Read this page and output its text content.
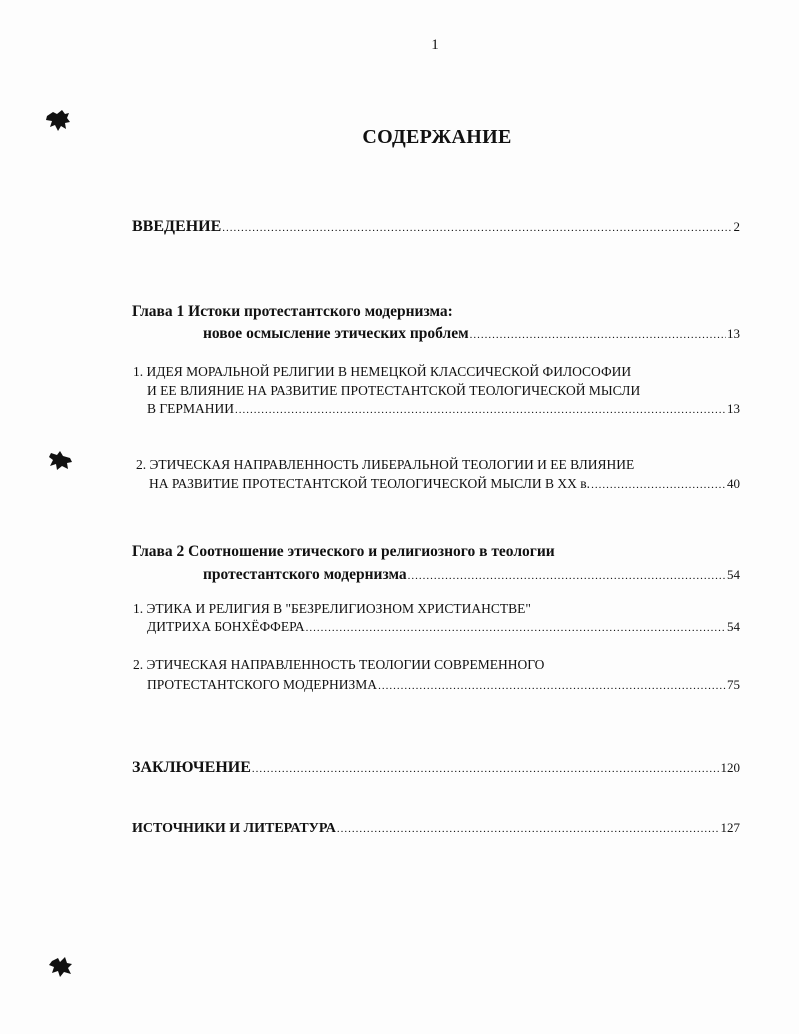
1
СОДЕРЖАНИЕ
ВВЕДЕНИЕ .....	2
Глава 1 Истоки протестантского модернизма:
новое осмысление этических проблем .....	13
1. ИДЕЯ МОРАЛЬНОЙ РЕЛИГИИ В НЕМЕЦКОЙ КЛАССИЧЕСКОЙ ФИЛОСОФИИ
И ЕЕ ВЛИЯНИЕ НА РАЗВИТИЕ ПРОТЕСТАНТСКОЙ ТЕОЛОГИЧЕСКОЙ МЫСЛИ
В ГЕРМАНИИ .....	13
2. ЭТИЧЕСКАЯ НАПРАВЛЕННОСТЬ ЛИБЕРАЛЬНОЙ ТЕОЛОГИИ И ЕЕ ВЛИЯНИЕ
НА РАЗВИТИЕ ПРОТЕСТАНТСКОЙ ТЕОЛОГИЧЕСКОЙ МЫСЛИ В XX в. .....	40
Глава 2 Соотношение этического и религиозного в теологии
протестантского модернизма .....	54
1. ЭТИКА И РЕЛИГИЯ В "БЕЗРЕЛИГИОЗНОМ ХРИСТИАНСТВЕ"
ДИТРИХА БОНХЁФФЕРА .....	54
2. ЭТИЧЕСКАЯ НАПРАВЛЕННОСТЬ ТЕОЛОГИИ СОВРЕМЕННОГО
ПРОТЕСТАНТСКОГО МОДЕРНИЗМА .....	75
ЗАКЛЮЧЕНИЕ .....	120
ИСТОЧНИКИ И ЛИТЕРАТУРА .....	127
